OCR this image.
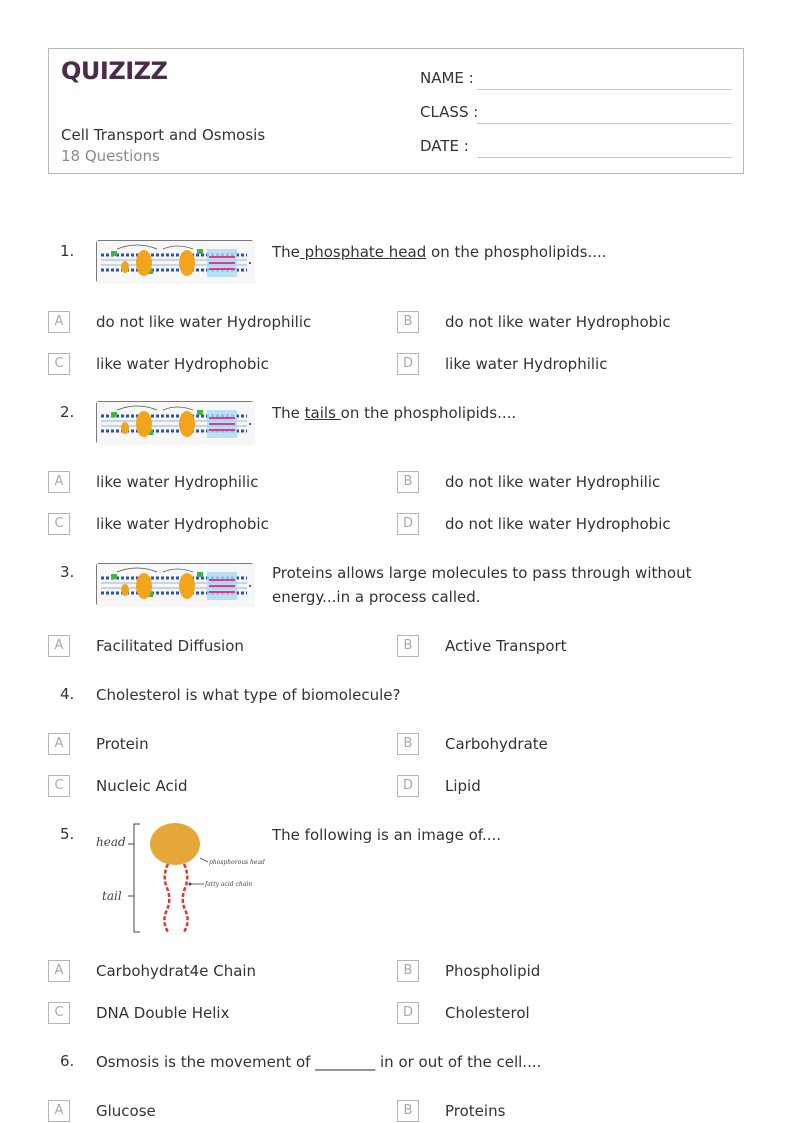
QUIZIZZ
Cell Transport and Osmosis
18 Questions
NAME :
CLASS :
DATE :
1.	The phosphate head on the phospholipids....
A	do not like water Hydrophilic	B	do not like water Hydrophobic
C	like water Hydrophobic	D	like water Hydrophilic
2.	The tails on the phospholipids....
A	like water Hydrophilic	B	do not like water Hydrophilic
C	like water Hydrophobic	D	do not like water Hydrophobic
3.	Proteins allows large molecules to pass through without energy...in a process called.
A	Facilitated Diffusion	B	Active Transport
4. Cholesterol is what type of biomolecule?
A	Protein	B	Carbohydrate
C	Nucleic Acid	D	Lipid
5. head
tail
phosphorous head
fatty acid chain
The following is an image of....
A	Carbohydrat4e Chain	B	Phospholipid
C	DNA Double Helix	D	Cholesterol
6. Osmosis is the movement of ________ in or out of the cell....
A	Glucose	B	Proteins
